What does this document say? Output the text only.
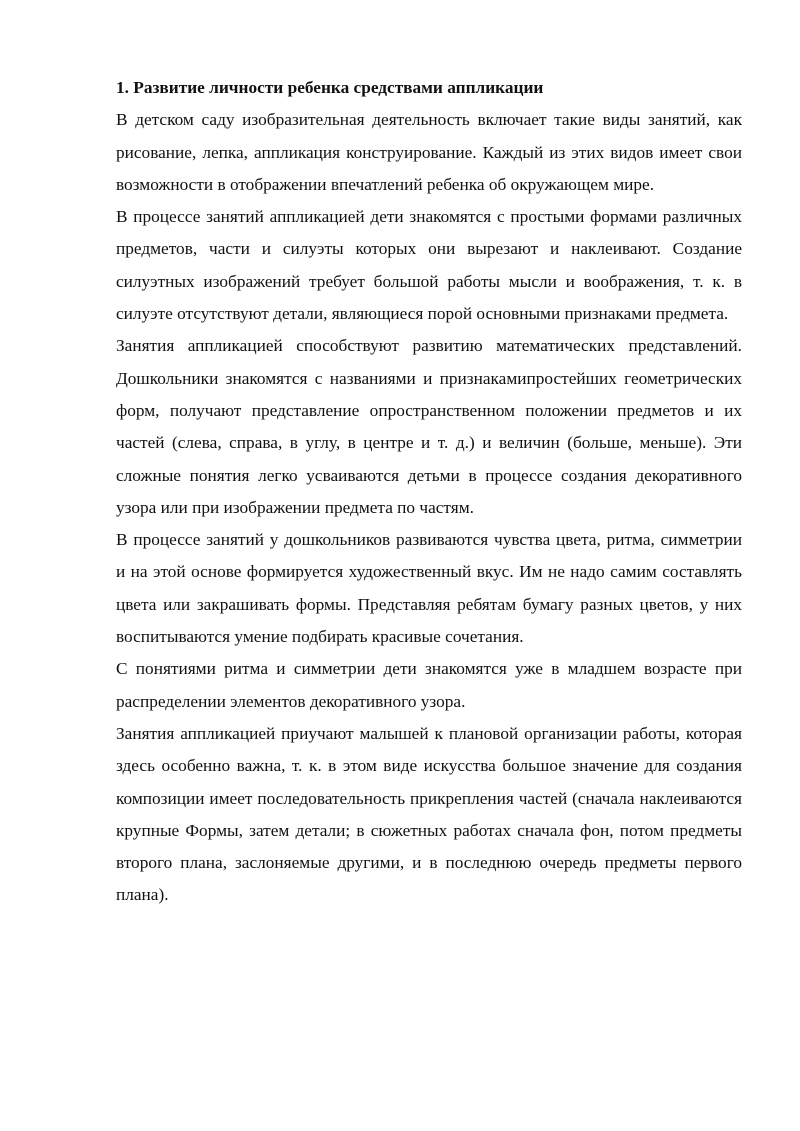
1. Развитие личности ребенка средствами аппликации

В детском саду изобразительная деятельность включает такие виды занятий, как рисование, лепка, аппликация конструирование. Каждый из этих видов имеет свои возможности в отображении впечатлений ребенка об окружающем мире.

В процессе занятий аппликацией дети знакомятся с простыми формами различных предметов, части и силуэты которых они вырезают и наклеивают. Создание силуэтных изображений требует большой работы мысли и воображения, т. к. в силуэте отсутствуют детали, являющиеся порой основными признаками предмета.

Занятия аппликацией способствуют развитию математических представлений. Дошкольники знакомятся с названиями и признакамипростейших геометрических форм, получают представление опространственном положении предметов и их частей (слева, справа, в углу, в центре и т. д.) и величин (больше, меньше). Эти сложные понятия легко усваиваются детьми в процессе создания декоративного узора или при изображении предмета по частям.

В процессе занятий у дошкольников развиваются чувства цвета, ритма, симметрии и на этой основе формируется художественный вкус. Им не надо самим составлять цвета или закрашивать формы. Представляя ребятам бумагу разных цветов, у них воспитываются умение подбирать красивые сочетания.

С понятиями ритма и симметрии дети знакомятся уже в младшем возрасте при распределении элементов декоративного узора.

Занятия аппликацией приучают малышей к плановой организации работы, которая здесь особенно важна, т. к. в этом виде искусства большое значение для создания композиции имеет последовательность прикрепления частей (сначала наклеиваются крупные Формы, затем детали; в сюжетных работах сначала фон, потом предметы второго плана, заслоняемые другими, и в последнюю очередь предметы первого плана).
